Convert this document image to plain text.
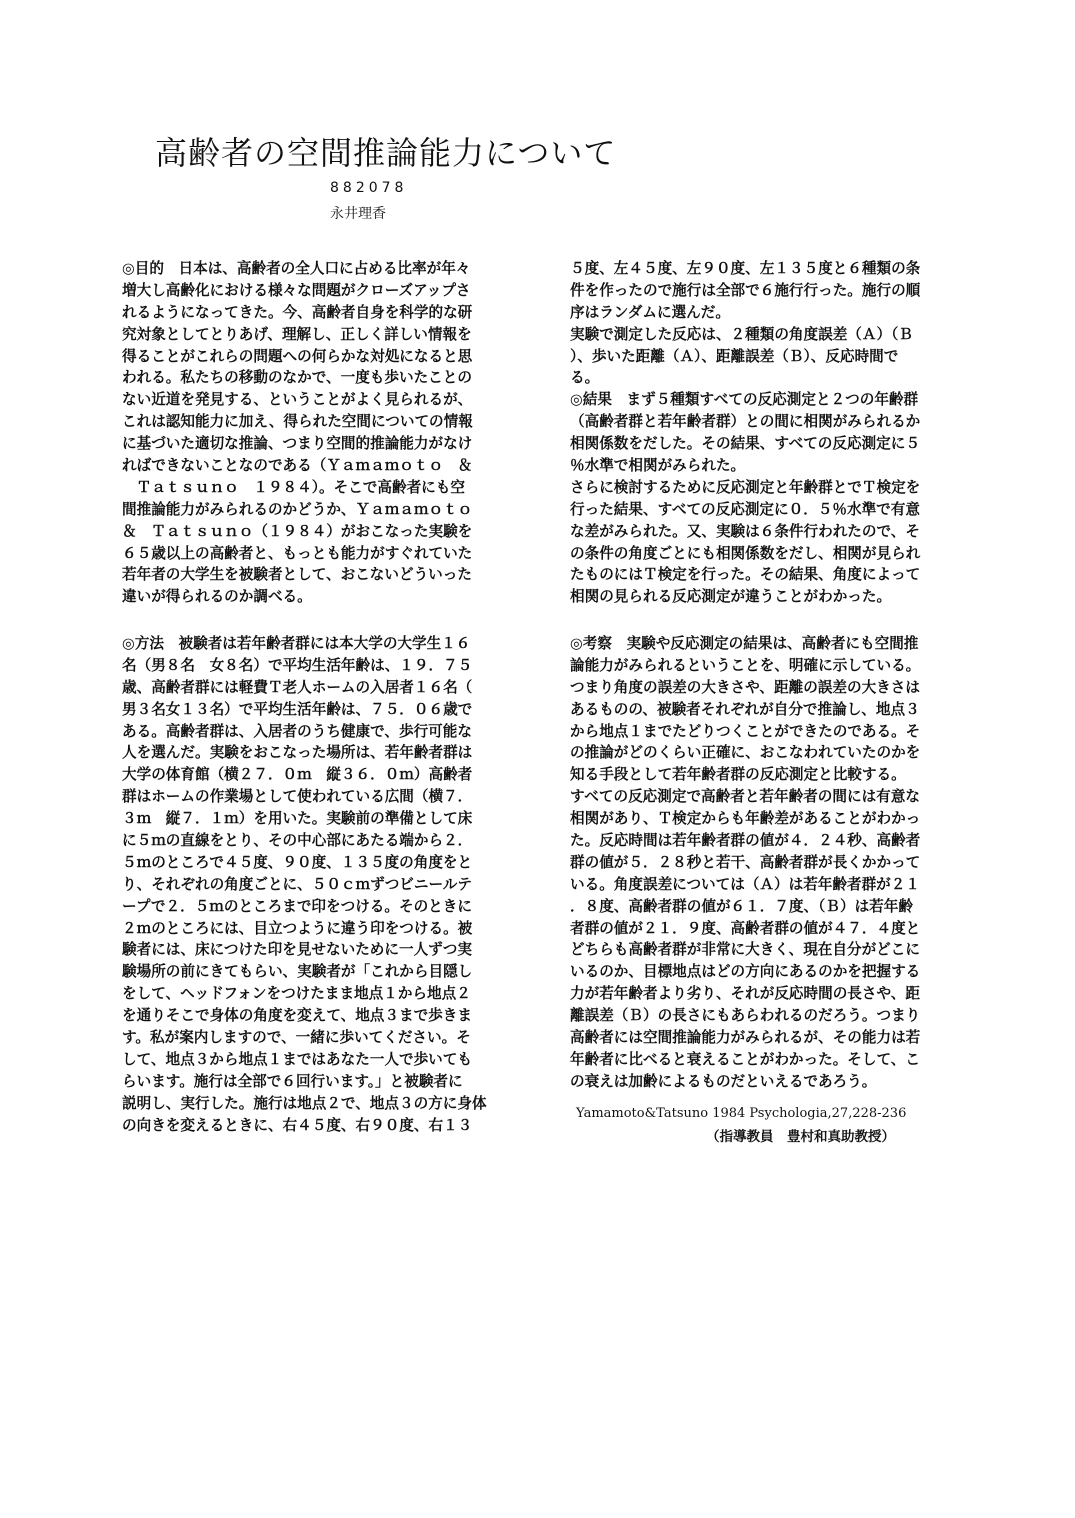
高齢者の空間推論能力について
882078
永井理香
◎目的　日本は、高齢者の全人口に占める比率が年々
増大し高齢化における様々な問題がクローズアップさ
れるようになってきた。今、高齢者自身を科学的な研
究対象としてとりあげ、理解し、正しく詳しい情報を
得ることがこれらの問題への何らかな対処になると思
われる。私たちの移動のなかで、一度も歩いたことの
ない近道を発見する、ということがよく見られるが、
これは認知能力に加え、得られた空間についての情報
に基づいた適切な推論、つまり空間的推論能力がなけ
ればできないことなのである（Ｙａｍａｍｏｔｏ　＆
　Ｔａｔｓｕｎｏ　１９８４）。そこで高齢者にも空
間推論能力がみられるのかどうか、Ｙａｍａｍｏｔｏ
＆　Ｔａｔｓｕｎｏ（１９８４）がおこなった実験を
６５歳以上の高齢者と、もっとも能力がすぐれていた
若年者の大学生を被験者として、おこないどういった
違いが得られるのか調べる。
◎方法　被験者は若年齢者群には本大学の大学生１６
名（男８名　女８名）で平均生活年齢は、１９．７５
歳、高齢者群には軽費Ｔ老人ホームの入居者１６名（
男３名女１３名）で平均生活年齢は、７５．０６歳で
ある。高齢者群は、入居者のうち健康で、歩行可能な
人を選んだ。実験をおこなった場所は、若年齢者群は
大学の体育館（横２７．０ｍ　縦３６．０ｍ）高齢者
群はホームの作業場として使われている広間（横７．
３ｍ　縦７．１ｍ）を用いた。実験前の準備として床
に５ｍの直線をとり、その中心部にあたる端から２．
５ｍのところで４５度、９０度、１３５度の角度をと
り、それぞれの角度ごとに、５０ｃｍずつビニールテ
ープで２．５ｍのところまで印をつける。そのときに
２ｍのところには、目立つように違う印をつける。被
験者には、床につけた印を見せないために一人ずつ実
験場所の前にきてもらい、実験者が「これから目隠し
をして、ヘッドフォンをつけたまま地点１から地点２
を通りそこで身体の角度を変えて、地点３まで歩きま
す。私が案内しますので、一緒に歩いてください。そ
して、地点３から地点１まではあなた一人で歩いても
らいます。施行は全部で６回行います。」と被験者に
説明し、実行した。施行は地点２で、地点３の方に身体
の向きを変えるときに、右４５度、右９０度、右１３
５度、左４５度、左９０度、左１３５度と６種類の条
件を作ったので施行は全部で６施行行った。施行の順
序はランダムに選んだ。
実験で測定した反応は、２種類の角度誤差（Ａ）（Ｂ
）、歩いた距離（Ａ）、距離誤差（Ｂ）、反応時間で
る。
◎結果　まず５種類すべての反応測定と２つの年齢群
（高齢者群と若年齢者群）との間に相関がみられるか
相関係数をだした。その結果、すべての反応測定に５
％水準で相関がみられた。
さらに検討するために反応測定と年齢群とでＴ検定を
行った結果、すべての反応測定に０．５％水準で有意
な差がみられた。又、実験は６条件行われたので、そ
の条件の角度ごとにも相関係数をだし、相関が見られ
たものにはＴ検定を行った。その結果、角度によって
相関の見られる反応測定が違うことがわかった。
◎考察　実験や反応測定の結果は、高齢者にも空間推
論能力がみられるということを、明確に示している。
つまり角度の誤差の大きさや、距離の誤差の大きさは
あるものの、被験者それぞれが自分で推論し、地点３
から地点１までたどりつくことができたのである。そ
の推論がどのくらい正確に、おこなわれていたのかを
知る手段として若年齢者群の反応測定と比較する。
すべての反応測定で高齢者と若年齢者の間には有意な
相関があり、Ｔ検定からも年齢差があることがわかっ
た。反応時間は若年齢者群の値が４．２４秒、高齢者
群の値が５．２８秒と若干、高齢者群が長くかかって
いる。角度誤差については（Ａ）は若年齢者群が２１
．８度、高齢者群の値が６１．７度、（Ｂ）は若年齢
者群の値が２１．９度、高齢者群の値が４７．４度と
どちらも高齢者群が非常に大きく、現在自分がどこに
いるのか、目標地点はどの方向にあるのかを把握する
力が若年齢者より劣り、それが反応時間の長さや、距
離誤差（Ｂ）の長さにもあらわれるのだろう。つまり
高齢者には空間推論能力がみられるが、その能力は若
年齢者に比べると衰えることがわかった。そして、こ
の衰えは加齢によるものだといえるであろう。
Yamamoto&Tatsuno 1984 Psychologia,27,228-236
（指導教員　豊村和真助教授）
